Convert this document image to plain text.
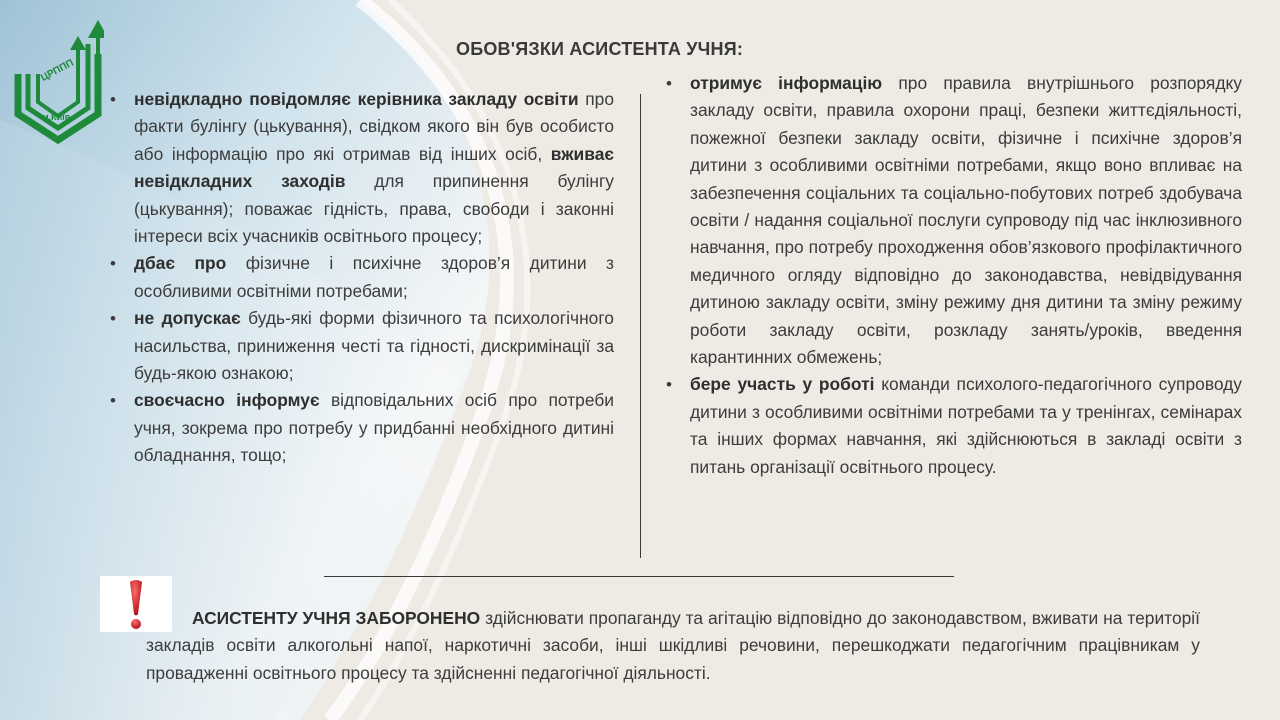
ЦРППП
м.Київ
ОБОВ'ЯЗКИ АСИСТЕНТА УЧНЯ:
• невідкладно повідомляє керівника закладу освіти про факти булінгу (цькування), свідком якого він був особисто або інформацію про які отримав від інших осіб, вживає невідкладних заходів для припинення булінгу (цькування); поважає гідність, права, свободи і законні інтереси всіх учасників освітнього процесу;
• дбає про фізичне і психічне здоров’я дитини з особливими освітніми потребами;
• не допускає будь-які форми фізичного та психологічного насильства, приниження честі та гідності, дискримінації за будь-якою ознакою;
• своєчасно інформує відповідальних осіб про потреби учня, зокрема про потребу у придбанні необхідного дитині обладнання, тощо;
• отримує інформацію про правила внутрішнього розпорядку закладу освіти, правила охорони праці, безпеки життєдіяльності, пожежної безпеки закладу освіти, фізичне і психічне здоров’я дитини з особливими освітніми потребами, якщо воно впливає на забезпечення соціальних та соціально-побутових потреб здобувача освіти / надання соціальної послуги супроводу під час інклюзивного навчання, про потребу проходження обов’язкового профілактичного медичного огляду відповідно до законодавства, невідвідування дитиною закладу освіти, зміну режиму дня дитини та зміну режиму роботи закладу освіти, розкладу занять/уроків, введення карантинних обмежень;
• бере участь у роботі команди психолого-педагогічного супроводу дитини з особливими освітніми потребами та у тренінгах, семінарах та інших формах навчання, які здійснюються в закладі освіти з питань організації освітнього процесу.
АСИСТЕНТУ УЧНЯ ЗАБОРОНЕНО здійснювати пропаганду та агітацію відповідно до законодавством, вживати на території закладів освіти алкогольні напої, наркотичні засоби, інші шкідливі речовини, перешкоджати педагогічним працівникам у провадженні освітнього процесу та здійсненні педагогічної діяльності.
